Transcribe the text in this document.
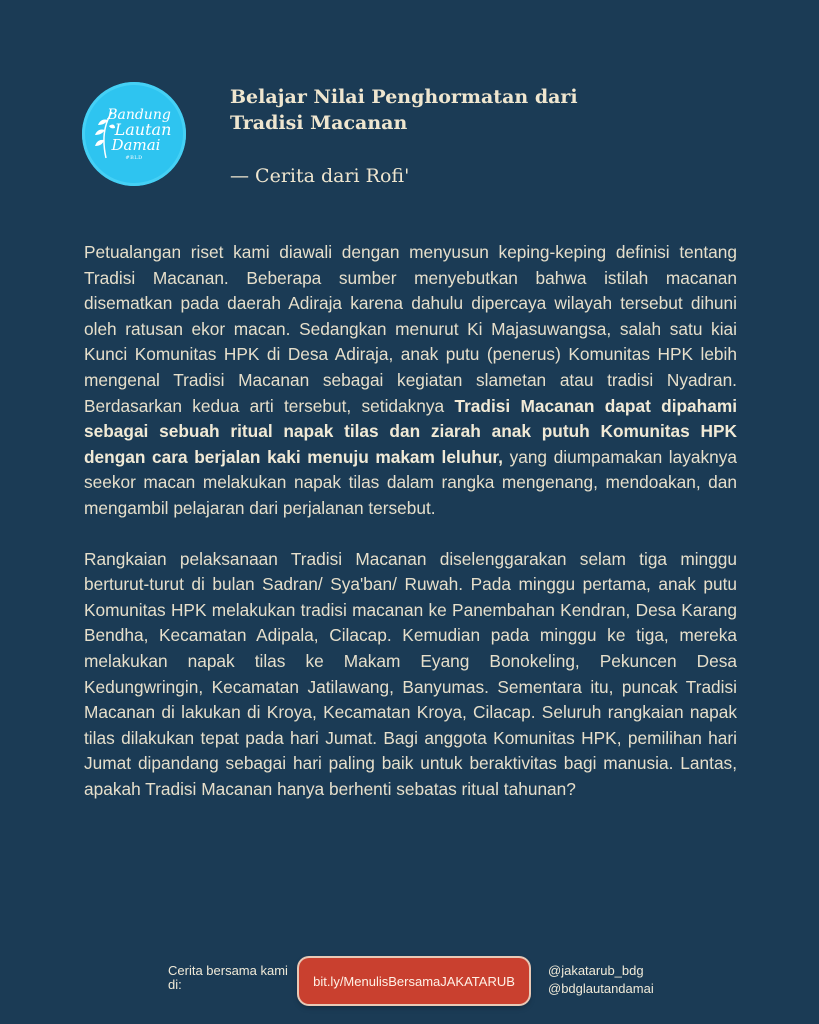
Bandung
Lautan
Damai
#BLD
Belajar Nilai Penghormatan dari Tradisi Macanan

— Cerita dari Rofi'

Petualangan riset kami diawali dengan menyusun keping-keping definisi tentang Tradisi Macanan. Beberapa sumber menyebutkan bahwa istilah macanan disematkan pada daerah Adiraja karena dahulu dipercaya wilayah tersebut dihuni oleh ratusan ekor macan. Sedangkan menurut Ki Majasuwangsa, salah satu kiai Kunci Komunitas HPK di Desa Adiraja, anak putu (penerus) Komunitas HPK lebih mengenal Tradisi Macanan sebagai kegiatan slametan atau tradisi Nyadran. Berdasarkan kedua arti tersebut, setidaknya Tradisi Macanan dapat dipahami sebagai sebuah ritual napak tilas dan ziarah anak putuh Komunitas HPK dengan cara berjalan kaki menuju makam leluhur, yang diumpamakan layaknya seekor macan melakukan napak tilas dalam rangka mengenang, mendoakan, dan mengambil pelajaran dari perjalanan tersebut.

Rangkaian pelaksanaan Tradisi Macanan diselenggarakan selam tiga minggu berturut-turut di bulan Sadran/ Sya'ban/ Ruwah. Pada minggu pertama, anak putu Komunitas HPK melakukan tradisi macanan ke Panembahan Kendran, Desa Karang Bendha, Kecamatan Adipala, Cilacap. Kemudian pada minggu ke tiga, mereka melakukan napak tilas ke Makam Eyang Bonokeling, Pekuncen Desa Kedungwringin, Kecamatan Jatilawang, Banyumas. Sementara itu, puncak Tradisi Macanan di lakukan di Kroya, Kecamatan Kroya, Cilacap. Seluruh rangkaian napak tilas dilakukan tepat pada hari Jumat. Bagi anggota Komunitas HPK, pemilihan hari Jumat dipandang sebagai hari paling baik untuk beraktivitas bagi manusia. Lantas, apakah Tradisi Macanan hanya berhenti sebatas ritual tahunan?

Cerita bersama kami di:	bit.ly/MenulisBersamaJAKATARUB
@jakatarub_bdg
@bdglautandamai
